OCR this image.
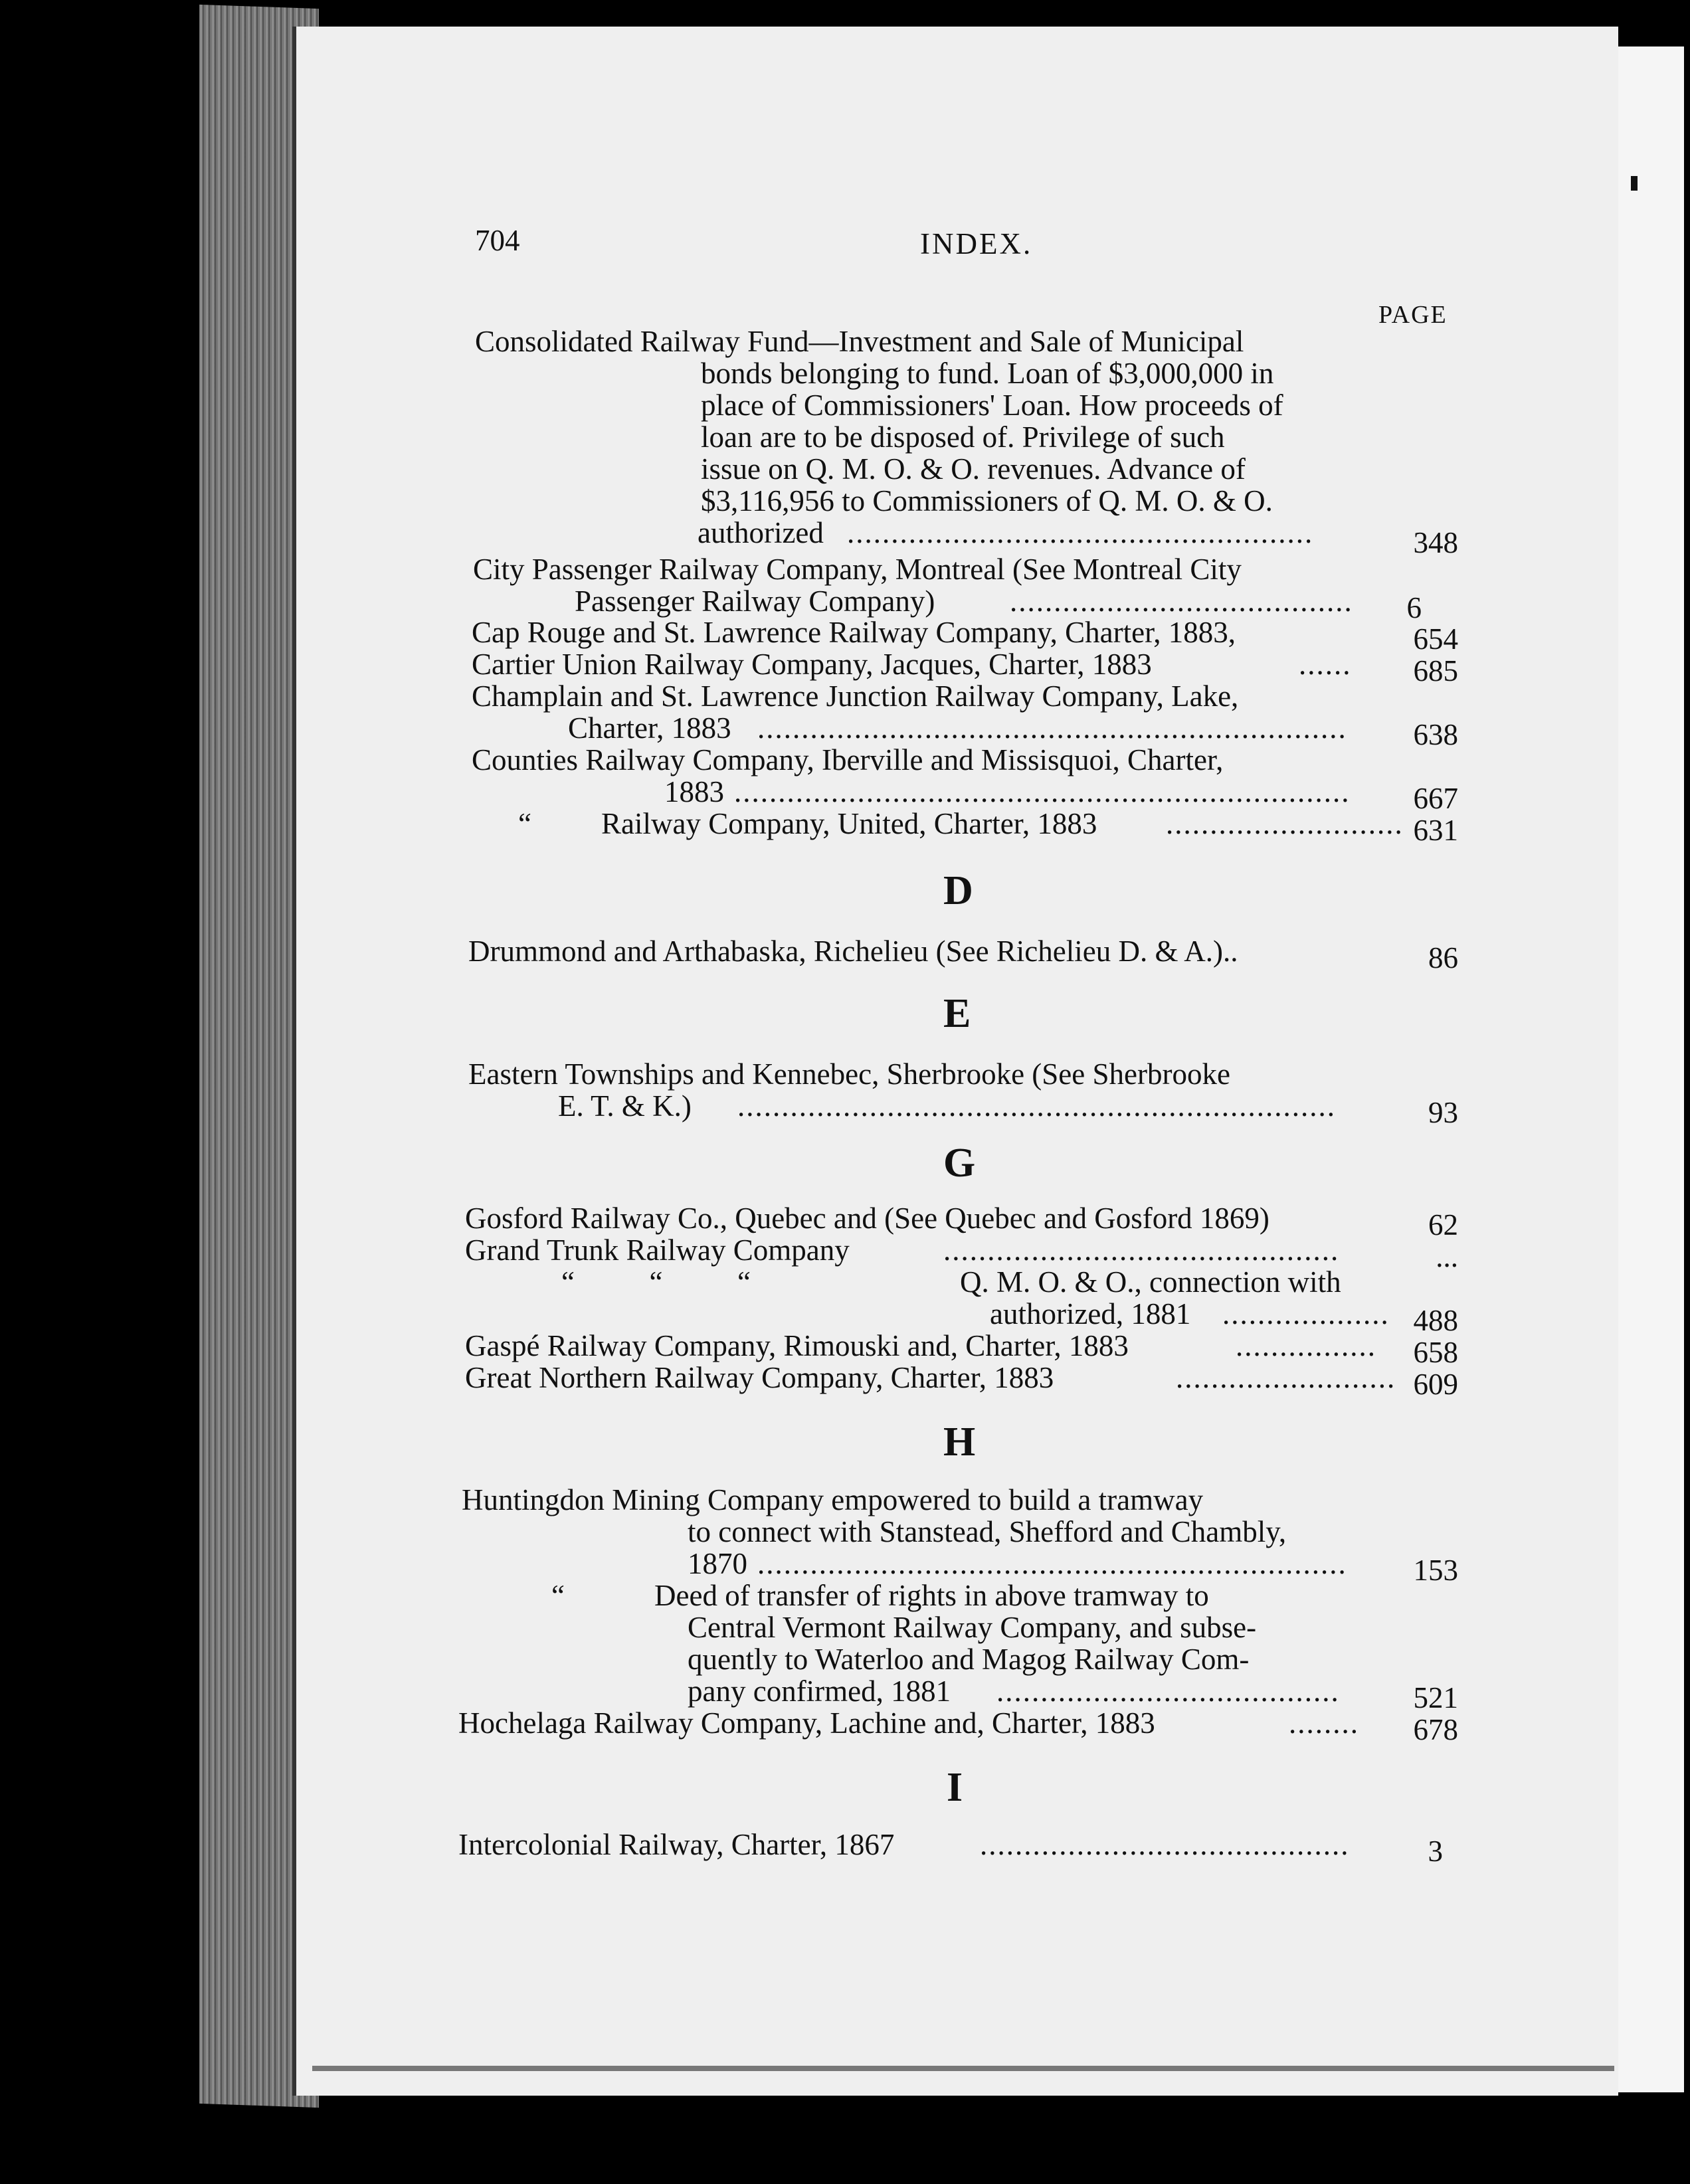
704	INDEX.
PAGE
Consolidated Railway Fund—Investment and Sale of Municipal
bonds belonging to fund. Loan of $3,000,000 in
place of Commissioners' Loan. How proceeds of
loan are to be disposed of. Privilege of such
issue on Q. M. O. & O. revenues. Advance of
$3,116,956 to Commissioners of Q. M. O. & O.
authorized .....................................................	348
City Passenger Railway Company, Montreal (See Montreal City
Passenger Railway Company)	.......................................	6
Cap Rouge and St. Lawrence Railway Company, Charter, 1883,	654
Cartier Union Railway Company, Jacques, Charter, 1883	......	685
Champlain and St. Lawrence Junction Railway Company, Lake,
Charter, 1883 ...................................................................	638
Counties Railway Company, Iberville and Missisquoi, Charter,
1883 ......................................................................	667
“ Railway Company, United, Charter, 1883 ........................... 631
D
Drummond and Arthabaska, Richelieu (See Richelieu D. & A.)..	86
E
Eastern Townships and Kennebec, Sherbrooke (See Sherbrooke
E. T. & K.) ....................................................................	93
G
Gosford Railway Co., Quebec and (See Quebec and Gosford 1869)	62
Grand Trunk Railway Company	.............................................	...
“          “          “	Q. M. O. & O., connection with
authorized, 1881 ................... 488
Gaspé Railway Company, Rimouski and, Charter, 1883	................	658
Great Northern Railway Company, Charter, 1883	......................... 609
H
Huntingdon Mining Company empowered to build a tramway
to connect with Stanstead, Shefford and Chambly,
1870 ...................................................................	153
“	Deed of transfer of rights in above tramway to
Central Vermont Railway Company, and subse-
quently to Waterloo and Magog Railway Com-
pany confirmed, 1881 .......................................	521
Hochelaga Railway Company, Lachine and, Charter, 1883	........	678
I
Intercolonial Railway, Charter, 1867	..........................................	3
